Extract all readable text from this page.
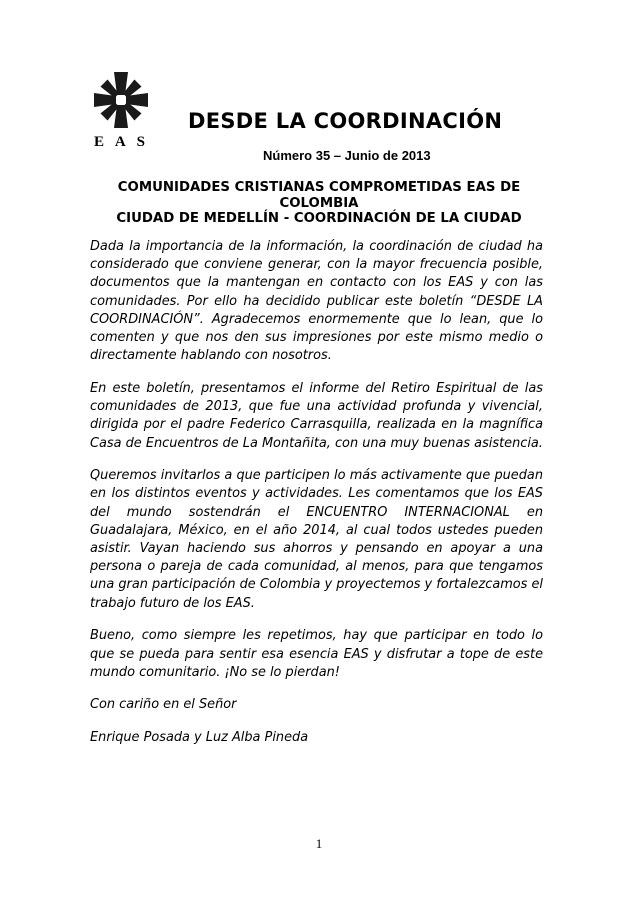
E A S
DESDE LA COORDINACIÓN
Número 35 – Junio de 2013
COMUNIDADES CRISTIANAS COMPROMETIDAS EAS DE COLOMBIA
CIUDAD DE MEDELLÍN - COORDINACIÓN DE LA CIUDAD

Dada la importancia de la información, la coordinación de ciudad ha considerado que conviene generar, con la mayor frecuencia posible, documentos que la mantengan en contacto con los EAS y con las comunidades. Por ello ha decidido publicar este boletín “DESDE LA COORDINACIÓN”. Agradecemos enormemente que lo lean, que lo comenten y que nos den sus impresiones por este mismo medio o directamente hablando con nosotros.

En este boletín, presentamos el informe del Retiro Espiritual de las comunidades de 2013, que fue una actividad profunda y vivencial, dirigida por el padre Federico Carrasquilla, realizada en la magnífica Casa de Encuentros de La Montañita, con una muy buenas asistencia.

Queremos invitarlos a que participen lo más activamente que puedan en los distintos eventos y actividades. Les comentamos que los EAS del mundo sostendrán el ENCUENTRO INTERNACIONAL en Guadalajara, México, en el año 2014, al cual todos ustedes pueden asistir. Vayan haciendo sus ahorros y pensando en apoyar a una persona o pareja de cada comunidad, al menos, para que tengamos una gran participación de Colombia y proyectemos y fortalezcamos el trabajo futuro de los EAS.

Bueno, como siempre les repetimos, hay que participar en todo lo que se pueda para sentir esa esencia EAS y disfrutar a tope de este mundo comunitario. ¡No se lo pierdan!

Con cariño en el Señor

Enrique Posada y Luz Alba Pineda

1
